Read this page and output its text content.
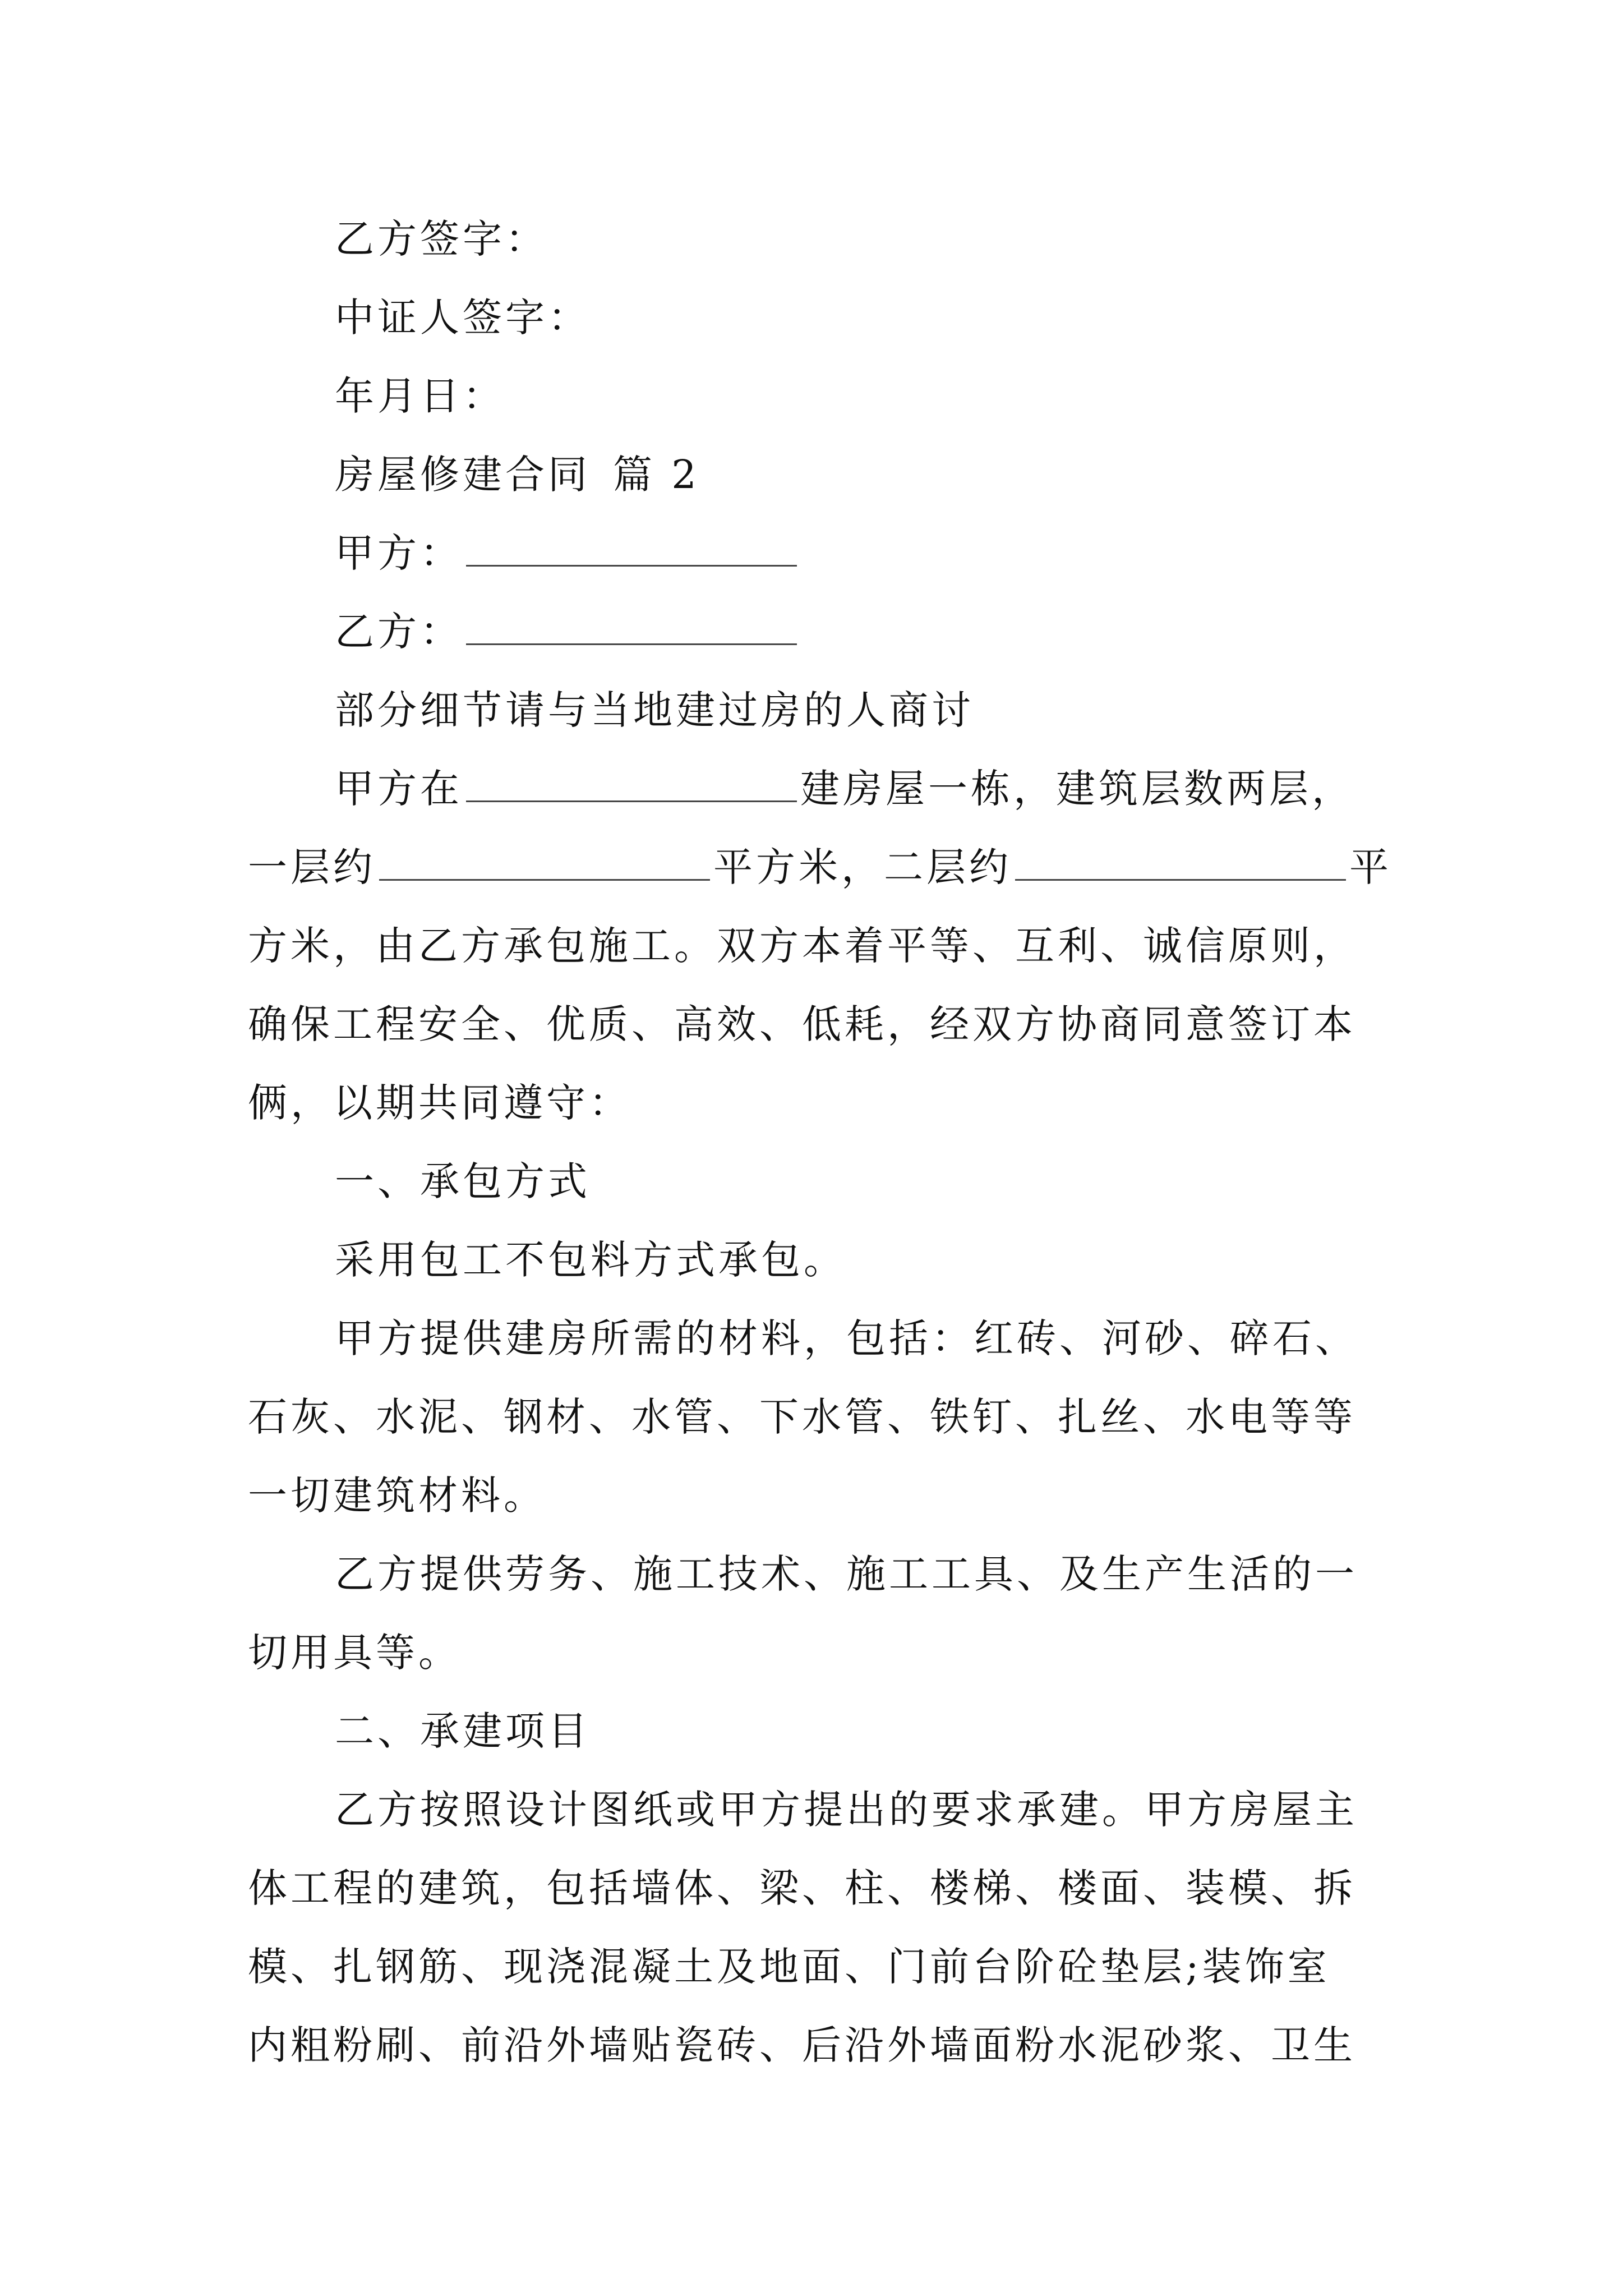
乙方签字：
中证人签字：
年月日：
房屋修建合同 篇 2
甲方：
乙方：
部分细节请与当地建过房的人商讨
甲方在	建房屋一栋，建筑层数两层，
一层约	平方米，二层约	平
方米，由乙方承包施工。双方本着平等、互利、诚信原则，
确保工程安全、优质、高效、低耗，经双方协商同意签订本
俩，以期共同遵守：
一、承包方式
采用包工不包料方式承包。
甲方提供建房所需的材料，包括：红砖、河砂、碎石、
石灰、水泥、钢材、水管、下水管、铁钉、扎丝、水电等等
一切建筑材料。
乙方提供劳务、施工技术、施工工具、及生产生活的一
切用具等。
二、承建项目
乙方按照设计图纸或甲方提出的要求承建。甲方房屋主
体工程的建筑，包括墙体、梁、柱、楼梯、楼面、装模、拆
模、扎钢筋、现浇混凝土及地面、门前台阶砼垫层;装饰室
内粗粉刷、前沿外墙贴瓷砖、后沿外墙面粉水泥砂浆、卫生
